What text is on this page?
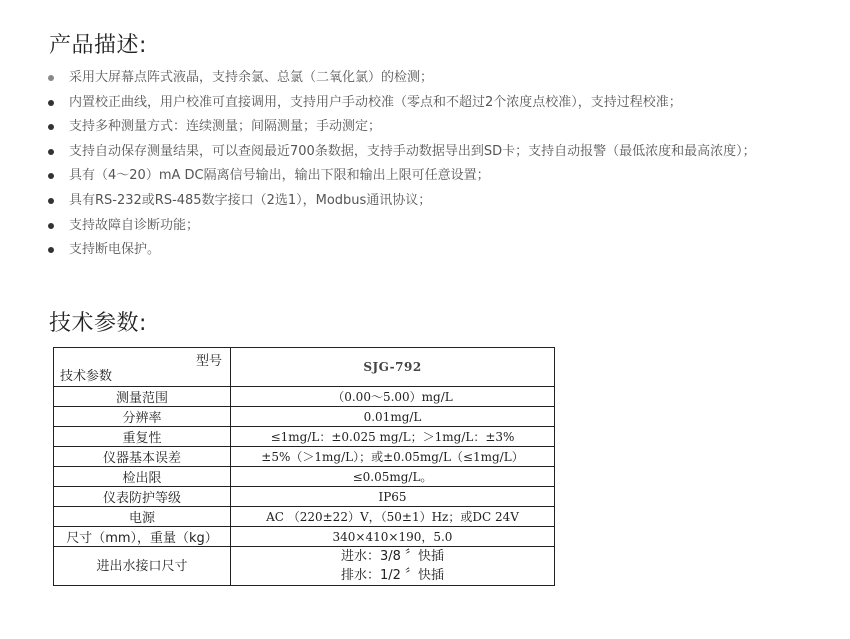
产品描述:
采用大屏幕点阵式液晶，支持余氯、总氯（二氧化氯）的检测；
内置校正曲线，用户校准可直接调用，支持用户手动校准（零点和不超过2个浓度点校准），支持过程校准；
支持多种测量方式：连续测量；间隔测量；手动测定；
支持自动保存测量结果，可以查阅最近700条数据，支持手动数据导出到SD卡；支持自动报警（最低浓度和最高浓度）；
具有（4～20）mA DC隔离信号输出，输出下限和输出上限可任意设置；
具有RS-232或RS-485数字接口（2选1），Modbus通讯协议；
支持故障自诊断功能；
支持断电保护。
技术参数:
型号
技术参数	SJG-792
测量范围	（0.00～5.00）mg/L
分辨率	0.01mg/L
重复性	≤1mg/L：±0.025 mg/L；＞1mg/L：±3%
仪器基本误差	±5%（＞1mg/L）；或±0.05mg/L（≤1mg/L）
检出限	≤0.05mg/L。
仪表防护等级	IP65
电源	AC （220±22）V，（50±1）Hz；或DC 24V
尺寸（mm），重量（kg）	340×410×190，5.0
进出水接口尺寸	进水：3/8 〞快插
排水：1/2 〞快插
